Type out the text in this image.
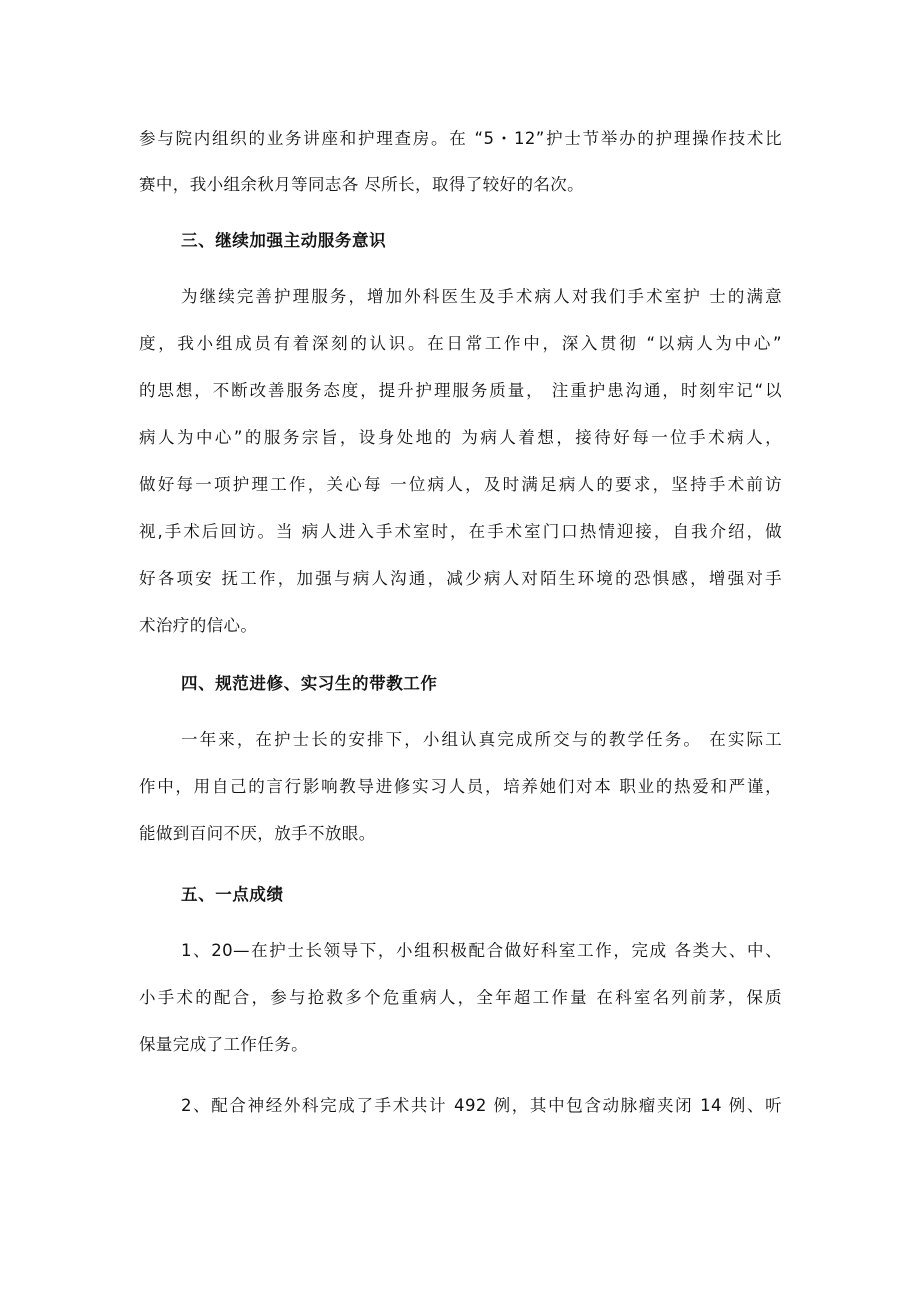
参与院内组织的业务讲座和护理查房。在 “5・12”护士节举办的护理操作技术比

赛中，我小组余秋月等同志各 尽所长，取得了较好的名次。

三、继续加强主动服务意识

为继续完善护理服务，增加外科医生及手术病人对我们手术室护 士的满意

度，我小组成员有着深刻的认识。在日常工作中，深入贯彻 “以病人为中心”

的思想，不断改善服务态度，提升护理服务质量， 注重护患沟通，时刻牢记“以

病人为中心”的服务宗旨，设身处地的 为病人着想，接待好每一位手术病人，

做好每一项护理工作，关心每 一位病人，及时满足病人的要求，坚持手术前访

视,手术后回访。当 病人进入手术室时，在手术室门口热情迎接，自我介绍，做

好各项安 抚工作，加强与病人沟通，减少病人对陌生环境的恐惧感，增强对手

术治疗的信心。

四、规范进修、实习生的带教工作

一年来，在护士长的安排下，小组认真完成所交与的教学任务。 在实际工

作中，用自己的言行影响教导进修实习人员，培养她们对本 职业的热爱和严谨，

能做到百问不厌，放手不放眼。

五、一点成绩

1、20—在护士长领导下，小组积极配合做好科室工作，完成 各类大、中、

小手术的配合，参与抢救多个危重病人，全年超工作量 在科室名列前茅，保质

保量完成了工作任务。

2、配合神经外科完成了手术共计 492 例，其中包含动脉瘤夹闭 14 例、听
